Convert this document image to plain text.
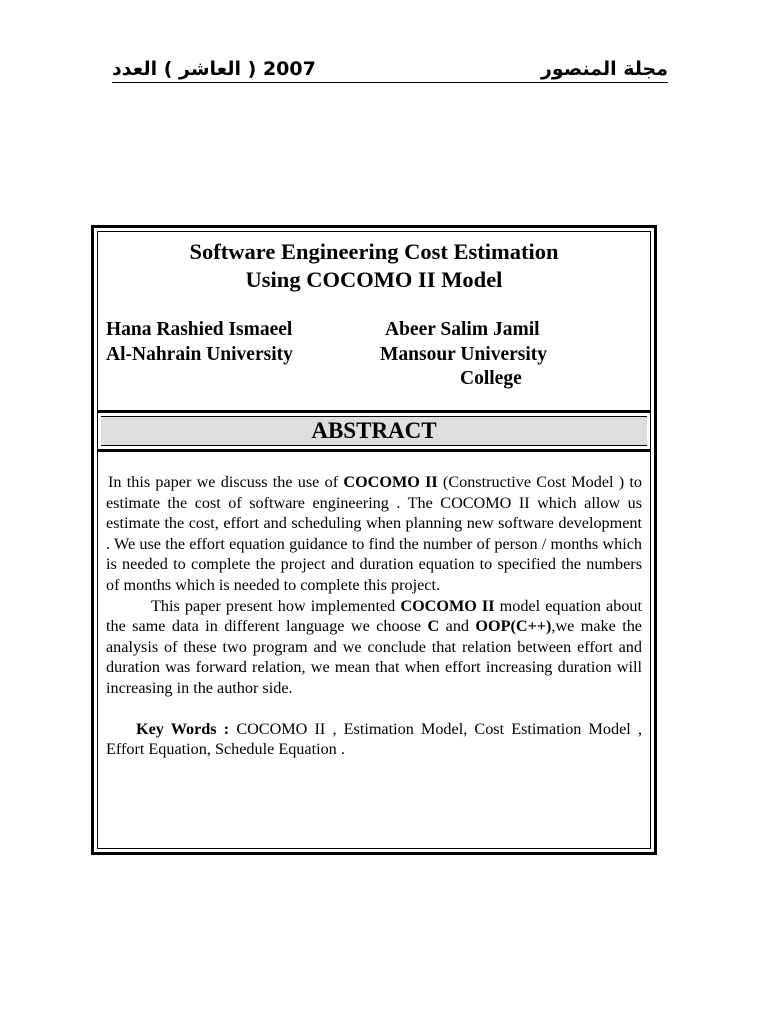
2007 ( العاشر ) العدد	مجلة المنصور
Software Engineering Cost Estimation
Using COCOMO II Model
Hana Rashied Ismaeel
Al-Nahrain University
Abeer Salim Jamil
Mansour University
College
ABSTRACT

In this paper we discuss the use of COCOMO II (Constructive Cost Model ) to estimate the cost of software engineering . The COCOMO II which allow us estimate the cost, effort and scheduling when planning new software development . We use the effort equation guidance to find the number of person / months which is needed to complete the project and duration equation to specified the numbers of months which is needed to complete this project.

This paper present how implemented COCOMO II model equation about the same data in different language we choose C and OOP(C++),we make the analysis of these two program and we conclude that relation between effort and duration was forward relation, we mean that when effort increasing duration will increasing in the author side.

Key Words : COCOMO II , Estimation Model, Cost Estimation Model , Effort Equation, Schedule Equation .
